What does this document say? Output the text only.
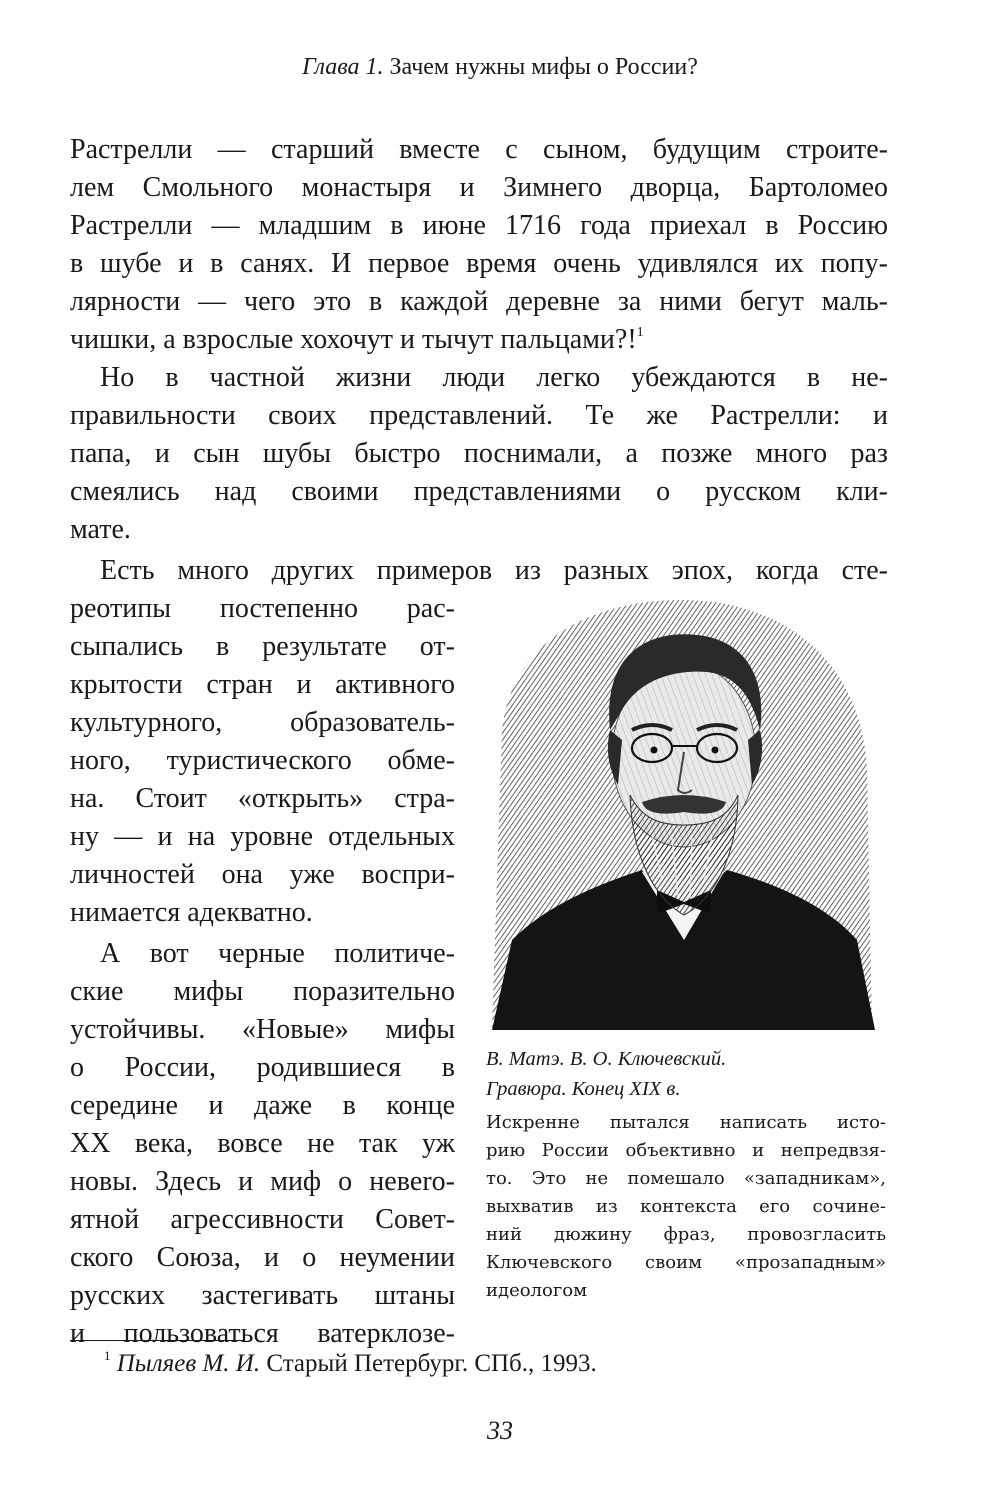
Глава 1. Зачем нужны мифы о России?
Растрелли — старший вместе с сыном, будущим строите-
лем Смольного монастыря и Зимнего дворца, Бартоломео
Растрелли — младшим в июне 1716 года приехал в Россию
в шубе и в санях. И первое время очень удивлялся их попу-
лярности — чего это в каждой деревне за ними бегут маль-
чишки, а взрослые хохочут и тычут пальцами?!$^1$
Но в частной жизни люди легко убеждаются в не-
правильности своих представлений. Те же Растрелли: и
папа, и сын шубы быстро поснимали, а позже много раз
смеялись над своими представлениями о русском кли-
мате.
Есть много других примеров из разных эпох, когда сте-
реотипы постепенно рас-
сыпались в результате от-
крытости стран и активного
культурного, образователь-
ного, туристического обме-
на. Стоит «открыть» стра-
ну — и на уровне отдельных
личностей она уже воспри-
нимается адекватно.
А вот черные политиче-
ские мифы поразительно
устойчивы. «Новые» мифы
о России, родившиеся в
середине и даже в конце
XX века, вовсе не так уж
новы. Здесь и миф о невero-
ятной агрессивности Совет-
ского Союза, и о неумении
русских застегивать штаны
и пользоваться ватерклозе-
В. Матэ. В. О. Ключевский.
Гравюра. Конец XIX в.
Искренне пытался написать исто-
рию России объективно и непредвзя-
то. Это не помешало «западникам»,
выхватив из контекста его сочине-
ний дюжину фраз, провозгласить
Ключевского своим «прозападным»
идеологом
$^1$ Пыляев М. И. Старый Петербург. СПб., 1993.
33
